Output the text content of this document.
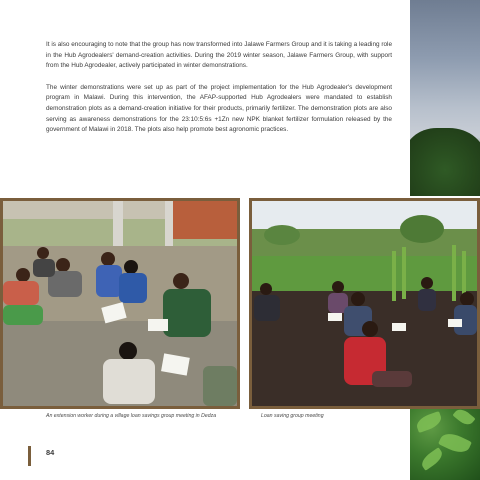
It is also encouraging to note that the group has now transformed into Jalawe Farmers Group and it is taking a leading role in the Hub Agrodealers' demand-creation activities. During the 2019 winter season, Jalawe Farmers Group, with support from the Hub Agrodealer, actively participated in winter demonstrations.

The winter demonstrations were set up as part of the project implementation for the Hub Agrodealer's development program in Malawi. During this intervention, the AFAP-supported Hub Agrodealers were mandated to establish demonstration plots as a demand-creation initiative for their products, primarily fertilizer. The demonstration plots are also serving as awareness demonstrations for the 23:10:5:6s +1Zn new NPK blanket fertilizer formulation released by the government of Malawi in 2018. The plots also help promote best agronomic practices.

An extension worker during a village loan savings group meeting in Dedza	Loan saving group meeting
84
